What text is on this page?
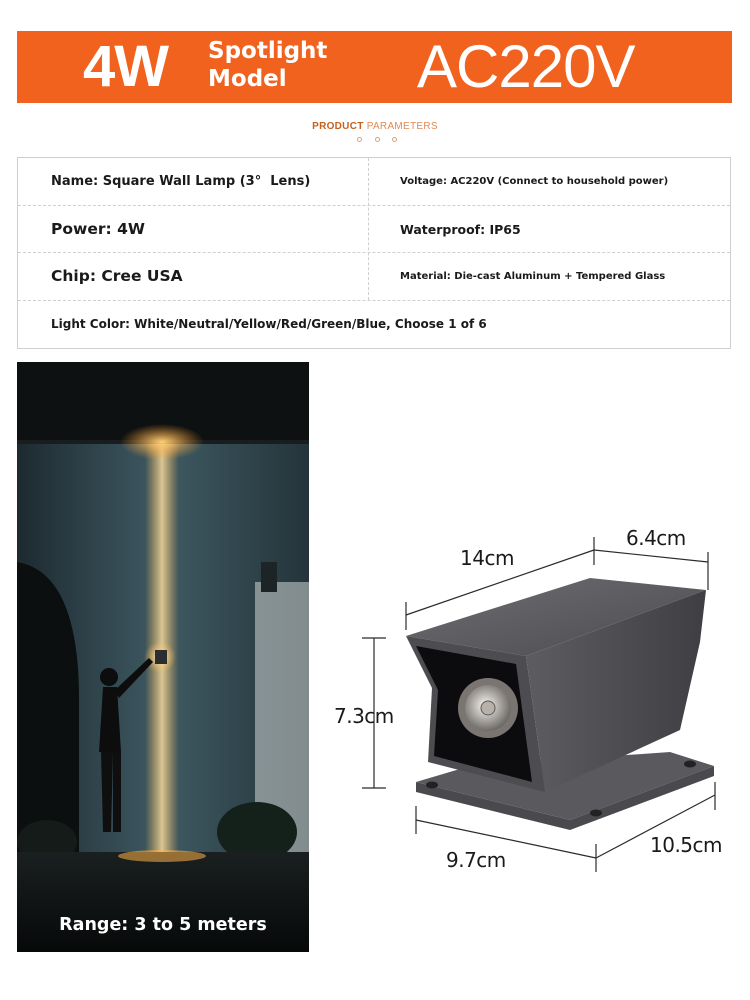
4W Spotlight
Model	AC220V
PRODUCT PARAMETERS
Name: Square Wall Lamp (3°  Lens)	Voltage: AC220V (Connect to household power)
Power: 4W	Waterproof: IP65
Chip: Cree USA	Material: Die-cast Aluminum + Tempered Glass
Light Color: White/Neutral/Yellow/Red/Green/Blue, Choose 1 of 6
Range: 3 to 5 meters
14cm
6.4cm
7.3cm
9.7cm
10.5cm
